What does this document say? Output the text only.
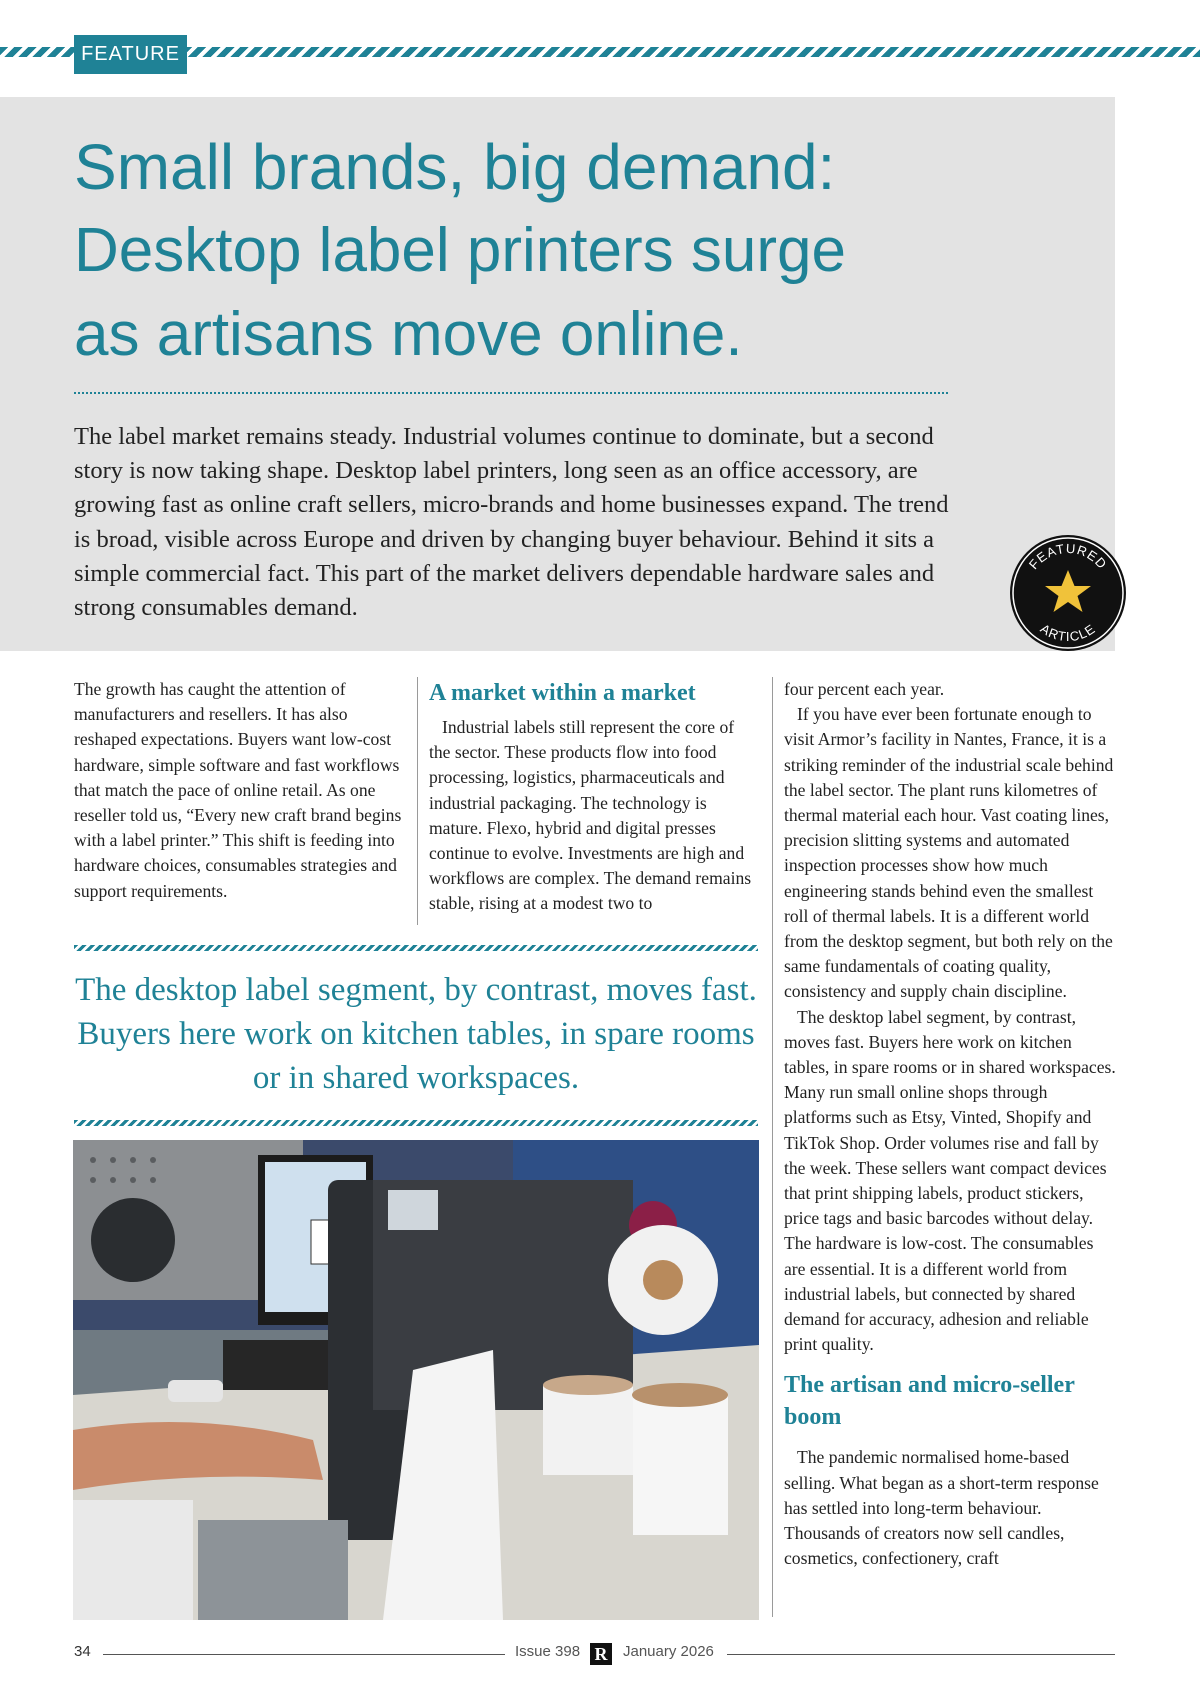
FEATURE
Small brands, big demand:
Desktop label printers surge
as artisans move online.

The label market remains steady. Industrial volumes continue to dominate, but a second story is now taking shape. Desktop label printers, long seen as an office accessory, are growing fast as online craft sellers, micro-brands and home businesses expand. The trend is broad, visible across Europe and driven by changing buyer behaviour. Behind it sits a simple commercial fact. This part of the market delivers dependable hardware sales and strong consumables demand.

FEATURED
ARTICLE

The growth has caught the attention of manufacturers and resellers. It has also reshaped expectations. Buyers want low-cost hardware, simple software and fast workflows that match the pace of online retail. As one reseller told us, “Every new craft brand begins with a label printer.” This shift is feeding into hardware choices, consumables strategies and support requirements.

A market within a market

Industrial labels still represent the core of the sector. These products flow into food processing, logistics, pharmaceuticals and industrial packaging. The technology is mature. Flexo, hybrid and digital presses continue to evolve. Investments are high and workflows are complex. The demand remains stable, rising at a modest two to

The desktop label segment, by contrast, moves fast. Buyers here work on kitchen tables, in spare rooms or in shared workspaces.

four percent each year.

If you have ever been fortunate enough to visit Armor’s facility in Nantes, France, it is a striking reminder of the industrial scale behind the label sector. The plant runs kilometres of thermal material each hour. Vast coating lines, precision slitting systems and automated inspection processes show how much engineering stands behind even the smallest roll of thermal labels. It is a different world from the desktop segment, but both rely on the same fundamentals of coating quality, consistency and supply chain discipline.

The desktop label segment, by contrast, moves fast. Buyers here work on kitchen tables, in spare rooms or in shared workspaces. Many run small online shops through platforms such as Etsy, Vinted, Shopify and TikTok Shop. Order volumes rise and fall by the week. These sellers want compact devices that print shipping labels, product stickers, price tags and basic barcodes without delay. The hardware is low-cost. The consumables are essential. It is a different world from industrial labels, but connected by shared demand for accuracy, adhesion and reliable print quality.

The artisan and micro-seller boom

The pandemic normalised home-based selling. What began as a short-term response has settled into long-term behaviour. Thousands of creators now sell candles, cosmetics, confectionery, craft

34	Issue 398 R	January 2026
